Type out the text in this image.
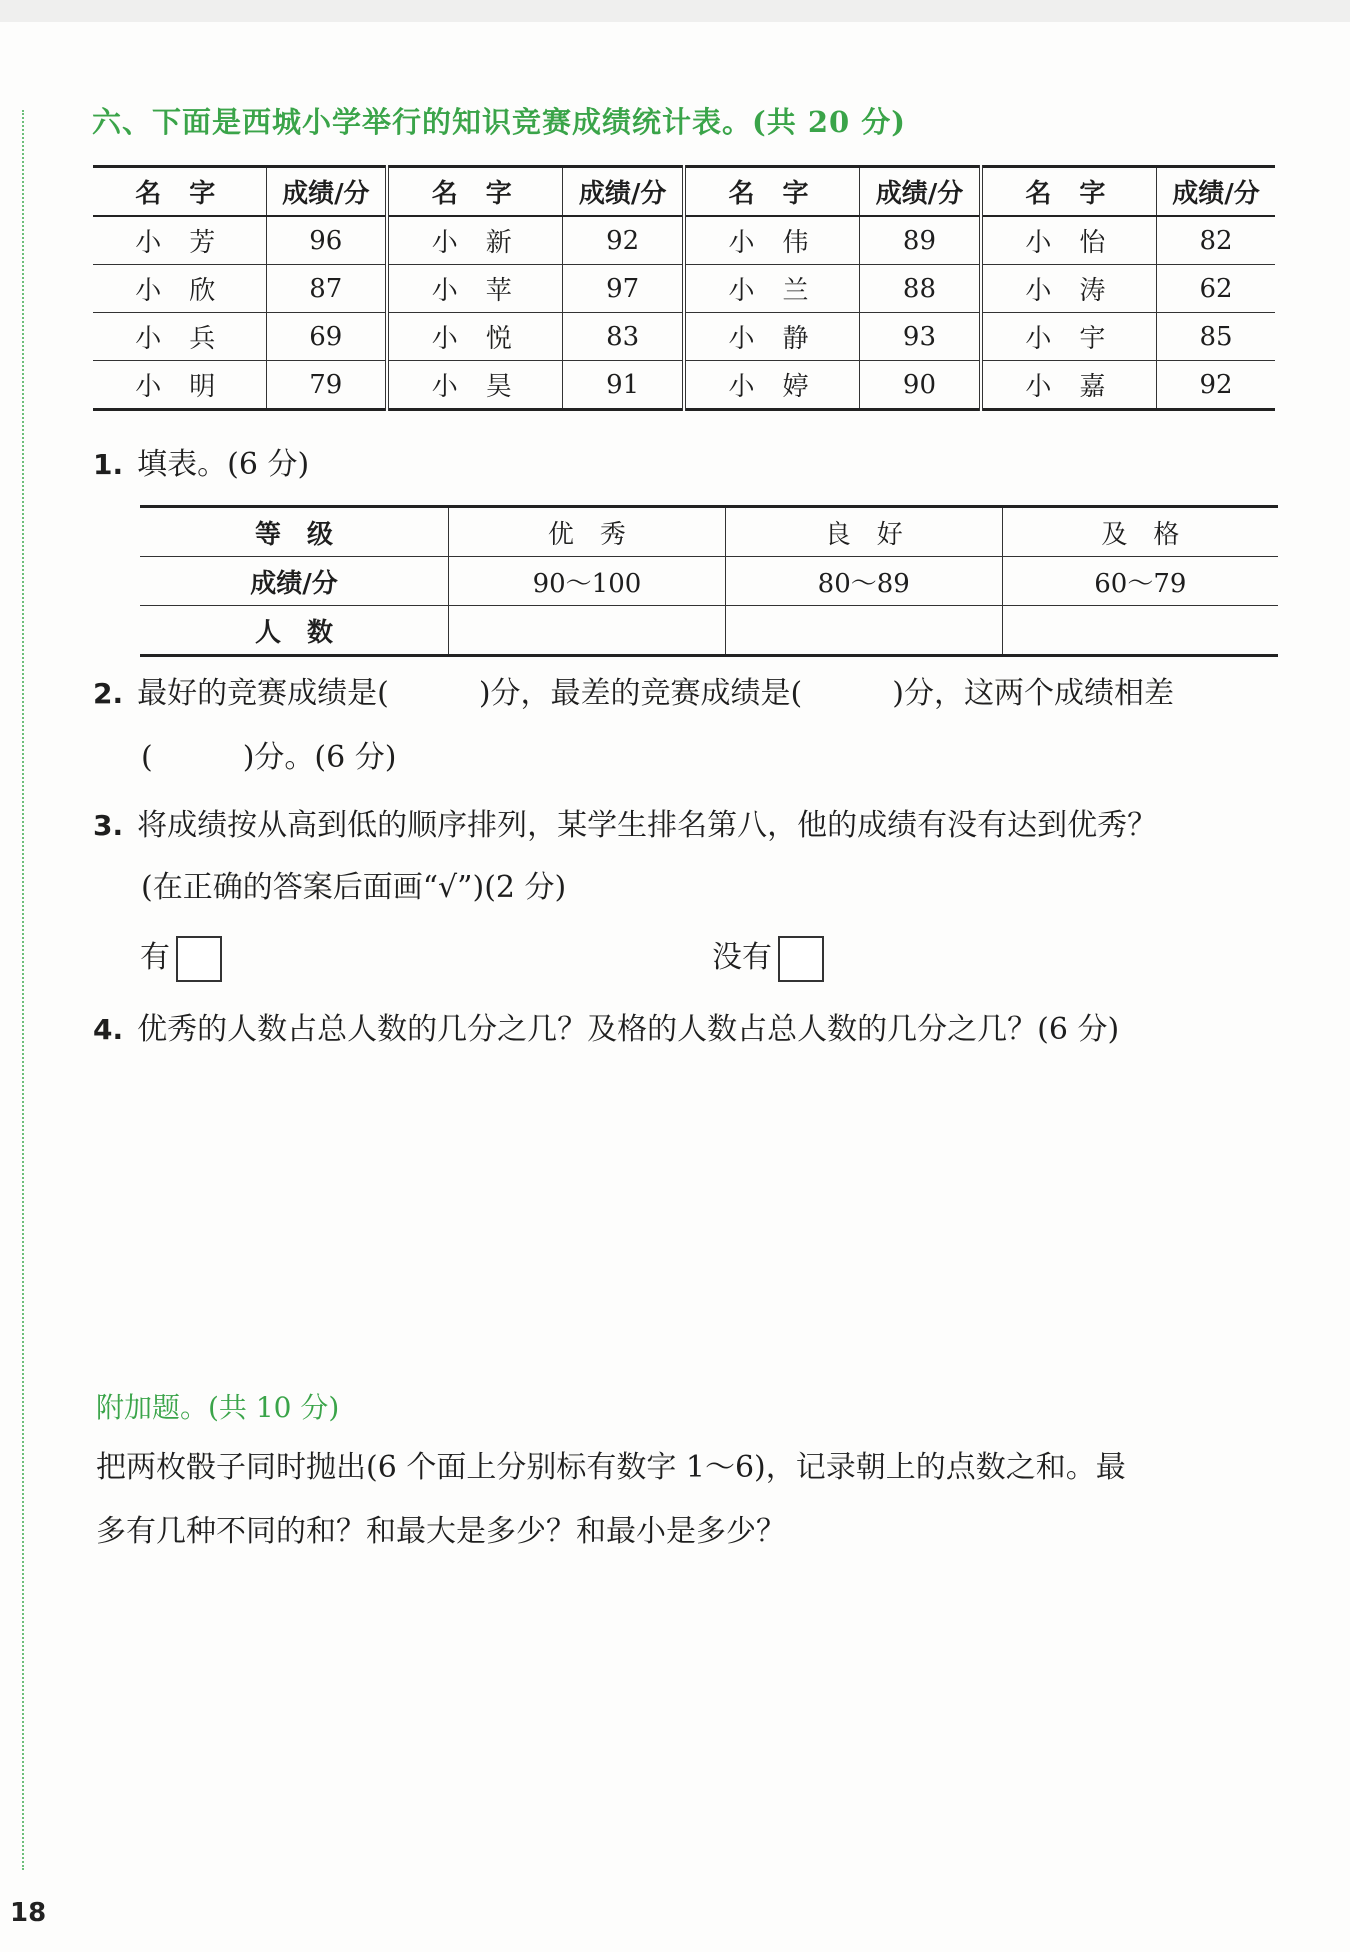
六、下面是西城小学举行的知识竞赛成绩统计表。(共 20 分)
名字	成绩/分	名字	成绩/分	名字	成绩/分	名字	成绩/分
小芳	96	小新	92	小伟	89	小怡	82
小欣	87	小苹	97	小兰	88	小涛	62
小兵	69	小悦	83	小静	93	小宇	85
小明	79	小昊	91	小婷	90	小嘉	92
1. 填表。(6 分)
等级	优秀	良好	及格
成绩/分	90～100	80～89	60～79
人数			
2. 最好的竞赛成绩是(　　　)分，最差的竞赛成绩是(　　　)分，这两个成绩相差
(　　　)分。(6 分)
3. 将成绩按从高到低的顺序排列，某学生排名第八，他的成绩有没有达到优秀？
(在正确的答案后面画“√”)(2 分)
有	没有
4. 优秀的人数占总人数的几分之几？及格的人数占总人数的几分之几？(6 分)
附加题。(共 10 分)
把两枚骰子同时抛出(6 个面上分别标有数字 1～6)，记录朝上的点数之和。最
多有几种不同的和？和最大是多少？和最小是多少？
18
